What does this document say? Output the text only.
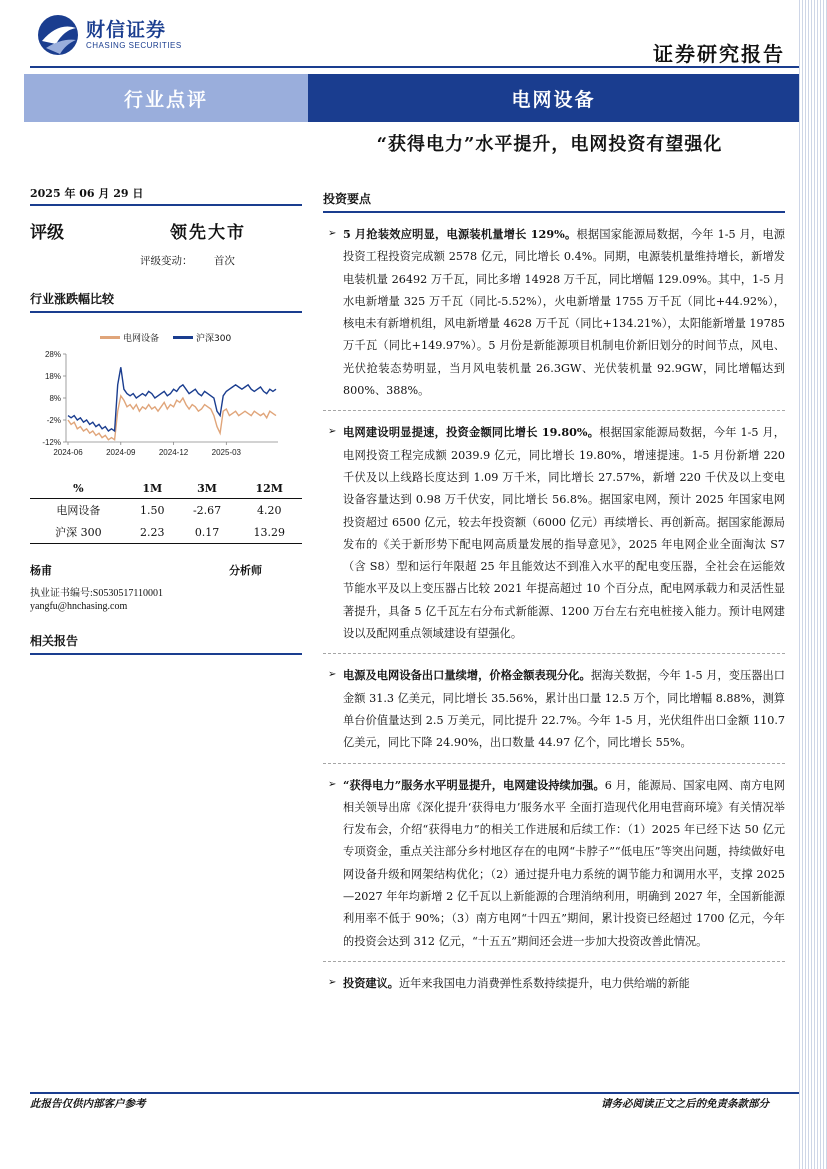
财信证券
CHASING SECURITIES	证券研究报告
行业点评	电网设备
“获得电力”水平提升，电网投资有望强化
2025 年 06 月 29 日
评级	领先大市
评级变动： 首次
行业涨跌幅比较
电网设备	沪深300
28%
18%
8%
-2%
-12%
2024-06	2024-09	2024-12	2025-03
%	1M	3M	12M
电网设备	1.50	-2.67	4.20
沪深 300	2.23	0.17	13.29
杨甫	分析师
执业证书编号:S0530517110001
yangfu@hnchasing.com
相关报告
投资要点
➢ 5 月抢装效应明显，电源装机量增长 129%。根据国家能源局数据，今年 1-5 月，电源投资工程投资完成额 2578 亿元，同比增长 0.4%。同期，电源装机量维持增长，新增发电装机量 26492 万千瓦，同比多增 14928 万千瓦，同比增幅 129.09%。其中，1-5 月水电新增量 325 万千瓦（同比-5.52%），火电新增量 1755 万千瓦（同比+44.92%），核电未有新增机组，风电新增量 4628 万千瓦（同比+134.21%），太阳能新增量 19785 万千瓦（同比+149.97%）。5 月份是新能源项目机制电价新旧划分的时间节点，风电、光伏抢装态势明显，当月风电装机量 26.3GW、光伏装机量 92.9GW，同比增幅达到 800%、388%。
➢ 电网建设明显提速，投资金额同比增长 19.80%。根据国家能源局数据，今年 1-5 月，电网投资工程完成额 2039.9 亿元，同比增长 19.80%，增速提速。1-5 月份新增 220 千伏及以上线路长度达到 1.09 万千米，同比增长 27.57%，新增 220 千伏及以上变电设备容量达到 0.98 万千伏安，同比增长 56.8%。据国家电网，预计 2025 年国家电网投资超过 6500 亿元，较去年投资额（6000 亿元）再续增长、再创新高。据国家能源局发布的《关于新形势下配电网高质量发展的指导意见》，2025 年电网企业全面淘汰 S7（含 S8）型和运行年限超 25 年且能效达不到准入水平的配电变压器，全社会在运能效节能水平及以上变压器占比较 2021 年提高超过 10 个百分点，配电网承载力和灵活性显著提升，具备 5 亿千瓦左右分布式新能源、1200 万台左右充电桩接入能力。预计电网建设以及配网重点领域建设有望强化。
➢ 电源及电网设备出口量续增，价格金额表现分化。据海关数据，今年 1-5 月，变压器出口金额 31.3 亿美元，同比增长 35.56%，累计出口量 12.5 万个，同比增幅 8.88%，测算单台价值量达到 2.5 万美元，同比提升 22.7%。今年 1-5 月，光伏组件出口金额 110.7 亿美元，同比下降 24.90%，出口数量 44.97 亿个，同比增长 55%。
➢ “获得电力”服务水平明显提升，电网建设持续加强。6 月，能源局、国家电网、南方电网相关领导出席《深化提升‘获得电力’服务水平 全面打造现代化用电营商环境》有关情况举行发布会，介绍“获得电力”的相关工作进展和后续工作：（1）2025 年已经下达 50 亿元专项资金，重点关注部分乡村地区存在的电网“卡脖子”“低电压”等突出问题，持续做好电网设备升级和网架结构优化；（2）通过提升电力系统的调节能力和调用水平，支撑 2025—2027 年年均新增 2 亿千瓦以上新能源的合理消纳利用，明确到 2027 年，全国新能源利用率不低于 90%；（3）南方电网“十四五”期间，累计投资已经超过 1700 亿元，今年的投资会达到 312 亿元，“十五五”期间还会进一步加大投资改善此情况。
➢ 投资建议。近年来我国电力消费弹性系数持续提升，电力供给端的新能
此报告仅供内部客户参考	请务必阅读正文之后的免责条款部分
